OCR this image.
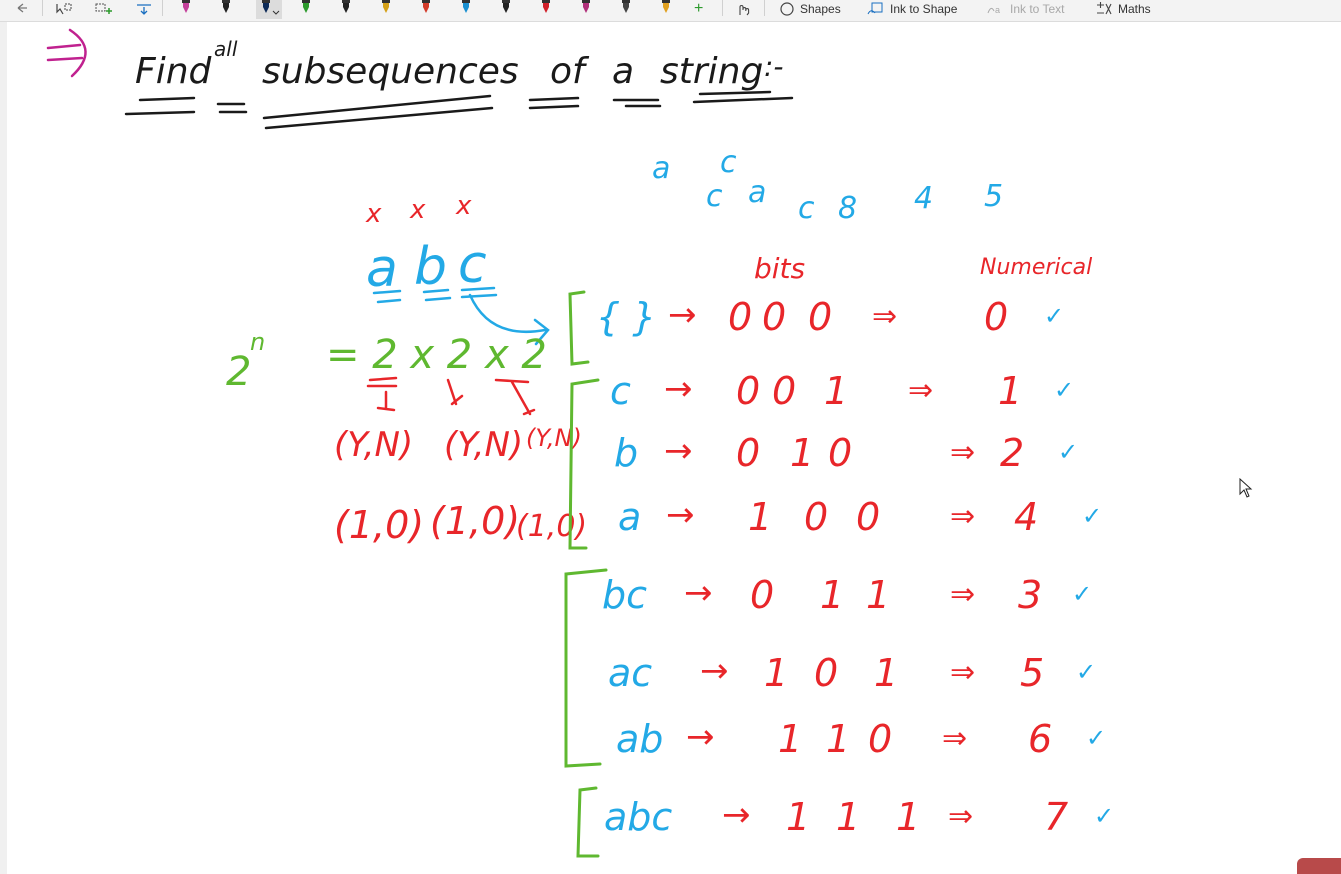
+	Shapes	Ink to Shape	a Ink to Text	Maths
Find
all
subsequences of a string :-
a c
c a c 8 4 5
x x x
a b c
2
n = 2 x 2 x 2
(Y,N) (Y,N) (Y,N)
(1,0) (1,0)
(1,0)
bits	Numerical
{ } → 0 0 0 ⇒ 0 ✓
c → 0 0 1 ⇒ 1 ✓
b → 0 1 0	⇒ 2 ✓
a → 1 0 0 ⇒ 4 ✓
bc → 0 1 1 ⇒ 3 ✓
ac → 1 0 1 ⇒ 5 ✓
ab → 1 1 0 ⇒ 6 ✓
abc → 1 1 1 ⇒ 7 ✓
